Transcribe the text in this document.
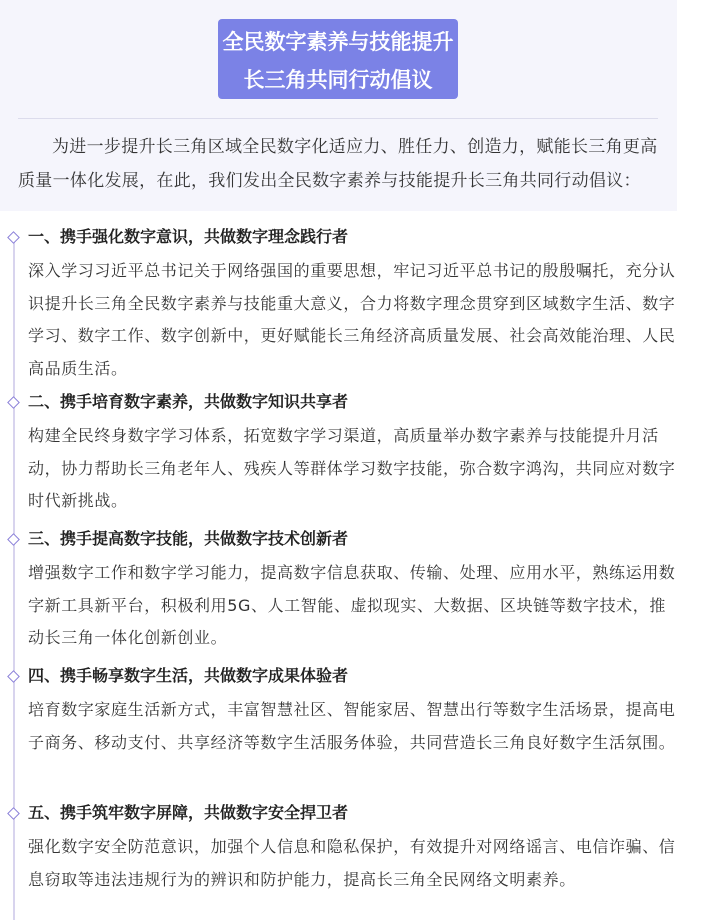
全民数字素养与技能提升
长三角共同行动倡议
为进一步提升长三角区域全民数字化适应力、胜任力、创造力，赋能长三角更高质量一体化发展，在此，我们发出全民数字素养与技能提升长三角共同行动倡议：
一、携手强化数字意识，共做数字理念践行者
深入学习习近平总书记关于网络强国的重要思想，牢记习近平总书记的殷殷嘱托，充分认识提升长三角全民数字素养与技能重大意义，合力将数字理念贯穿到区域数字生活、数字学习、数字工作、数字创新中，更好赋能长三角经济高质量发展、社会高效能治理、人民高品质生活。
二、携手培育数字素养，共做数字知识共享者
构建全民终身数字学习体系，拓宽数字学习渠道，高质量举办数字素养与技能提升月活动，协力帮助长三角老年人、残疾人等群体学习数字技能，弥合数字鸿沟，共同应对数字时代新挑战。
三、携手提高数字技能，共做数字技术创新者
增强数字工作和数字学习能力，提高数字信息获取、传输、处理、应用水平，熟练运用数字新工具新平台，积极利用5G、人工智能、虚拟现实、大数据、区块链等数字技术，推动长三角一体化创新创业。
四、携手畅享数字生活，共做数字成果体验者
培育数字家庭生活新方式，丰富智慧社区、智能家居、智慧出行等数字生活场景，提高电子商务、移动支付、共享经济等数字生活服务体验，共同营造长三角良好数字生活氛围。
五、携手筑牢数字屏障，共做数字安全捍卫者
强化数字安全防范意识，加强个人信息和隐私保护，有效提升对网络谣言、电信诈骗、信息窃取等违法违规行为的辨识和防护能力，提高长三角全民网络文明素养。
